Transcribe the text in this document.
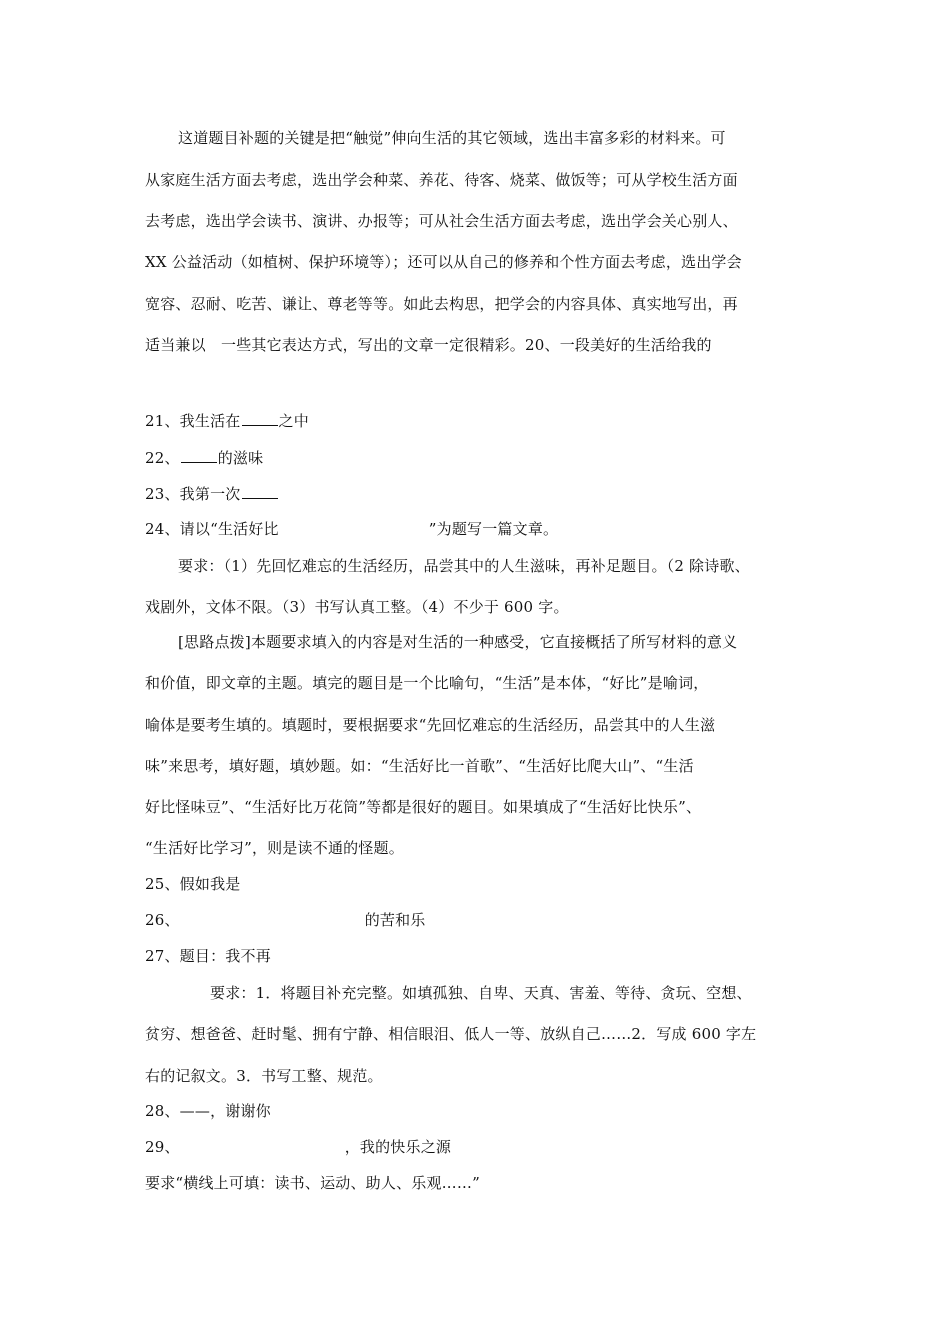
这道题目补题的关键是把“触觉”伸向生活的其它领域，选出丰富多彩的材料来。可
从家庭生活方面去考虑，选出学会种菜、养花、待客、烧菜、做饭等；可从学校生活方面
去考虑，选出学会读书、演讲、办报等；可从社会生活方面去考虑，选出学会关心别人、
XX 公益活动（如植树、保护环境等）；还可以从自己的修养和个性方面去考虑，选出学会
宽容、忍耐、吃苦、谦让、尊老等等。如此去构思，把学会的内容具体、真实地写出，再
适当兼以　一些其它表达方式，写出的文章一定很精彩。20、一段美好的生活给我的
21、我生活在	之中
22、	的滋味
23、我第一次
24、请以“生活好比	”为题写一篇文章。
要求：（1）先回忆难忘的生活经历，品尝其中的人生滋味，再补足题目。（2 除诗歌、
戏剧外，文体不限。（3）书写认真工整。（4）不少于 600 字。
[思路点拨]本题要求填入的内容是对生活的一种感受，它直接概括了所写材料的意义
和价值，即文章的主题。填完的题目是一个比喻句，“生活”是本体，“好比”是喻词，
喻体是要考生填的。填题时，要根据要求“先回忆难忘的生活经历，品尝其中的人生滋
味”来思考，填好题，填妙题。如：“生活好比一首歌”、“生活好比爬大山”、“生活
好比怪味豆”、“生活好比万花筒”等都是很好的题目。如果填成了“生活好比快乐”、
“生活好比学习”，则是读不通的怪题。
25、假如我是
26、	的苦和乐
27、题目：我不再
要求：1．将题目补充完整。如填孤独、自卑、天真、害羞、等待、贪玩、空想、
贫穷、想爸爸、赶时髦、拥有宁静、相信眼泪、低人一等、放纵自己……2．写成 600 字左
右的记叙文。3．书写工整、规范。
28、——，谢谢你
29、	，我的快乐之源
要求“横线上可填：读书、运动、助人、乐观……”
